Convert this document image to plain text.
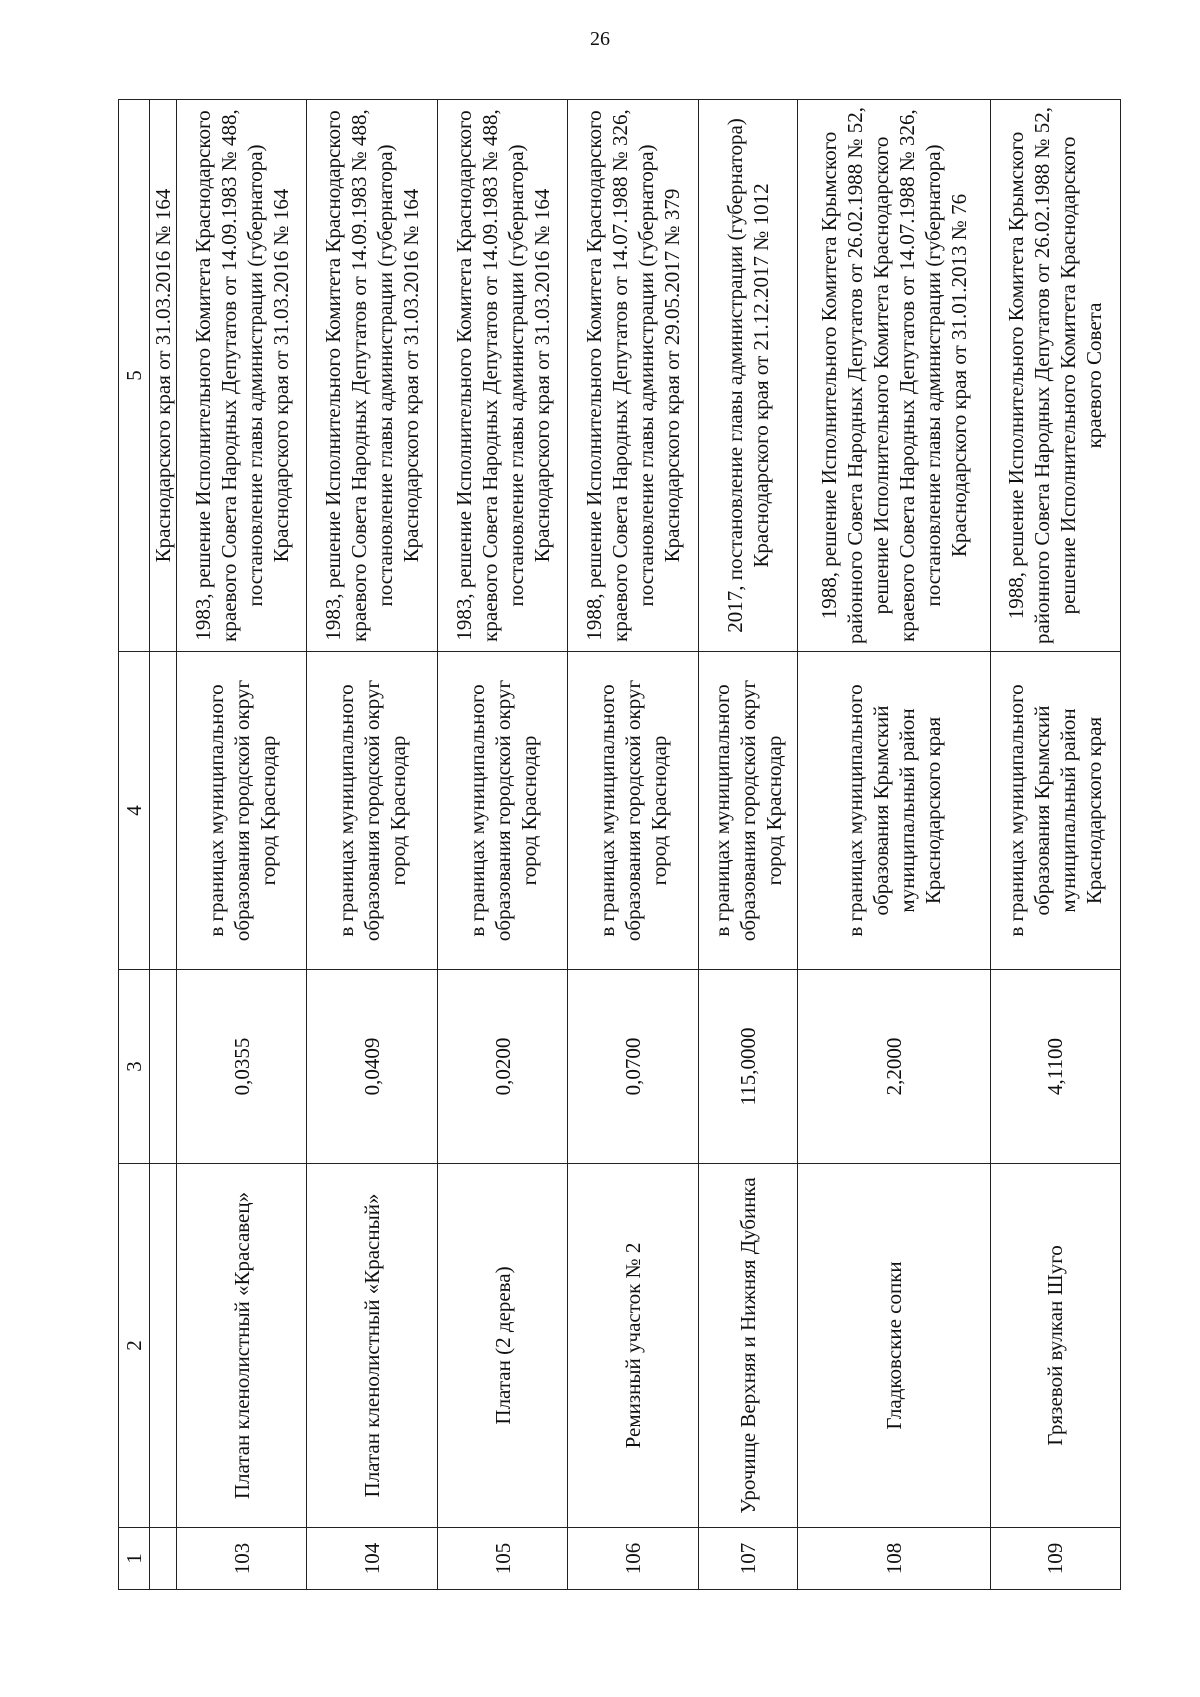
26
1	2	3	4	5
				Краснодарского края от 31.03.2016 № 164
103	Платан кленолистный «Красавец»	0,0355	в границах муниципального образования городской округ город Краснодар	1983, решение Исполнительного Комитета Краснодарского краевого Совета Народных Депутатов от 14.09.1983 № 488, постановление главы администрации (губернатора) Краснодарского края от 31.03.2016 № 164
104	Платан кленолистный «Красный»	0,0409	в границах муниципального образования городской округ город Краснодар	1983, решение Исполнительного Комитета Краснодарского краевого Совета Народных Депутатов от 14.09.1983 № 488, постановление главы администрации (губернатора) Краснодарского края от 31.03.2016 № 164
105	Платан (2 дерева)	0,0200	в границах муниципального образования городской округ город Краснодар	1983, решение Исполнительного Комитета Краснодарского краевого Совета Народных Депутатов от 14.09.1983 № 488, постановление главы администрации (губернатора) Краснодарского края от 31.03.2016 № 164
106	Ремизный участок № 2	0,0700	в границах муниципального образования городской округ город Краснодар	1988, решение Исполнительного Комитета Краснодарского краевого Совета Народных Депутатов от 14.07.1988 № 326, постановление главы администрации (губернатора) Краснодарского края от 29.05.2017 № 379
107	Урочище Верхняя и Нижняя Дубинка	115,0000	в границах муниципального образования городской округ город Краснодар	2017, постановление главы администрации (губернатора) Краснодарского края от 21.12.2017 № 1012
108	Гладковские сопки	2,2000	в границах муниципального образования Крымский муниципальный район Краснодарского края	1988, решение Исполнительного Комитета Крымского районного Совета Народных Депутатов от 26.02.1988 № 52, решение Исполнительного Комитета Краснодарского краевого Совета Народных Депутатов от 14.07.1988 № 326, постановление главы администрации (губернатора) Краснодарского края от 31.01.2013 № 76
109	Грязевой вулкан Шуго	4,1100	в границах муниципального образования Крымский муниципальный район Краснодарского края	1988, решение Исполнительного Комитета Крымского районного Совета Народных Депутатов от 26.02.1988 № 52, решение Исполнительного Комитета Краснодарского краевого Совета
